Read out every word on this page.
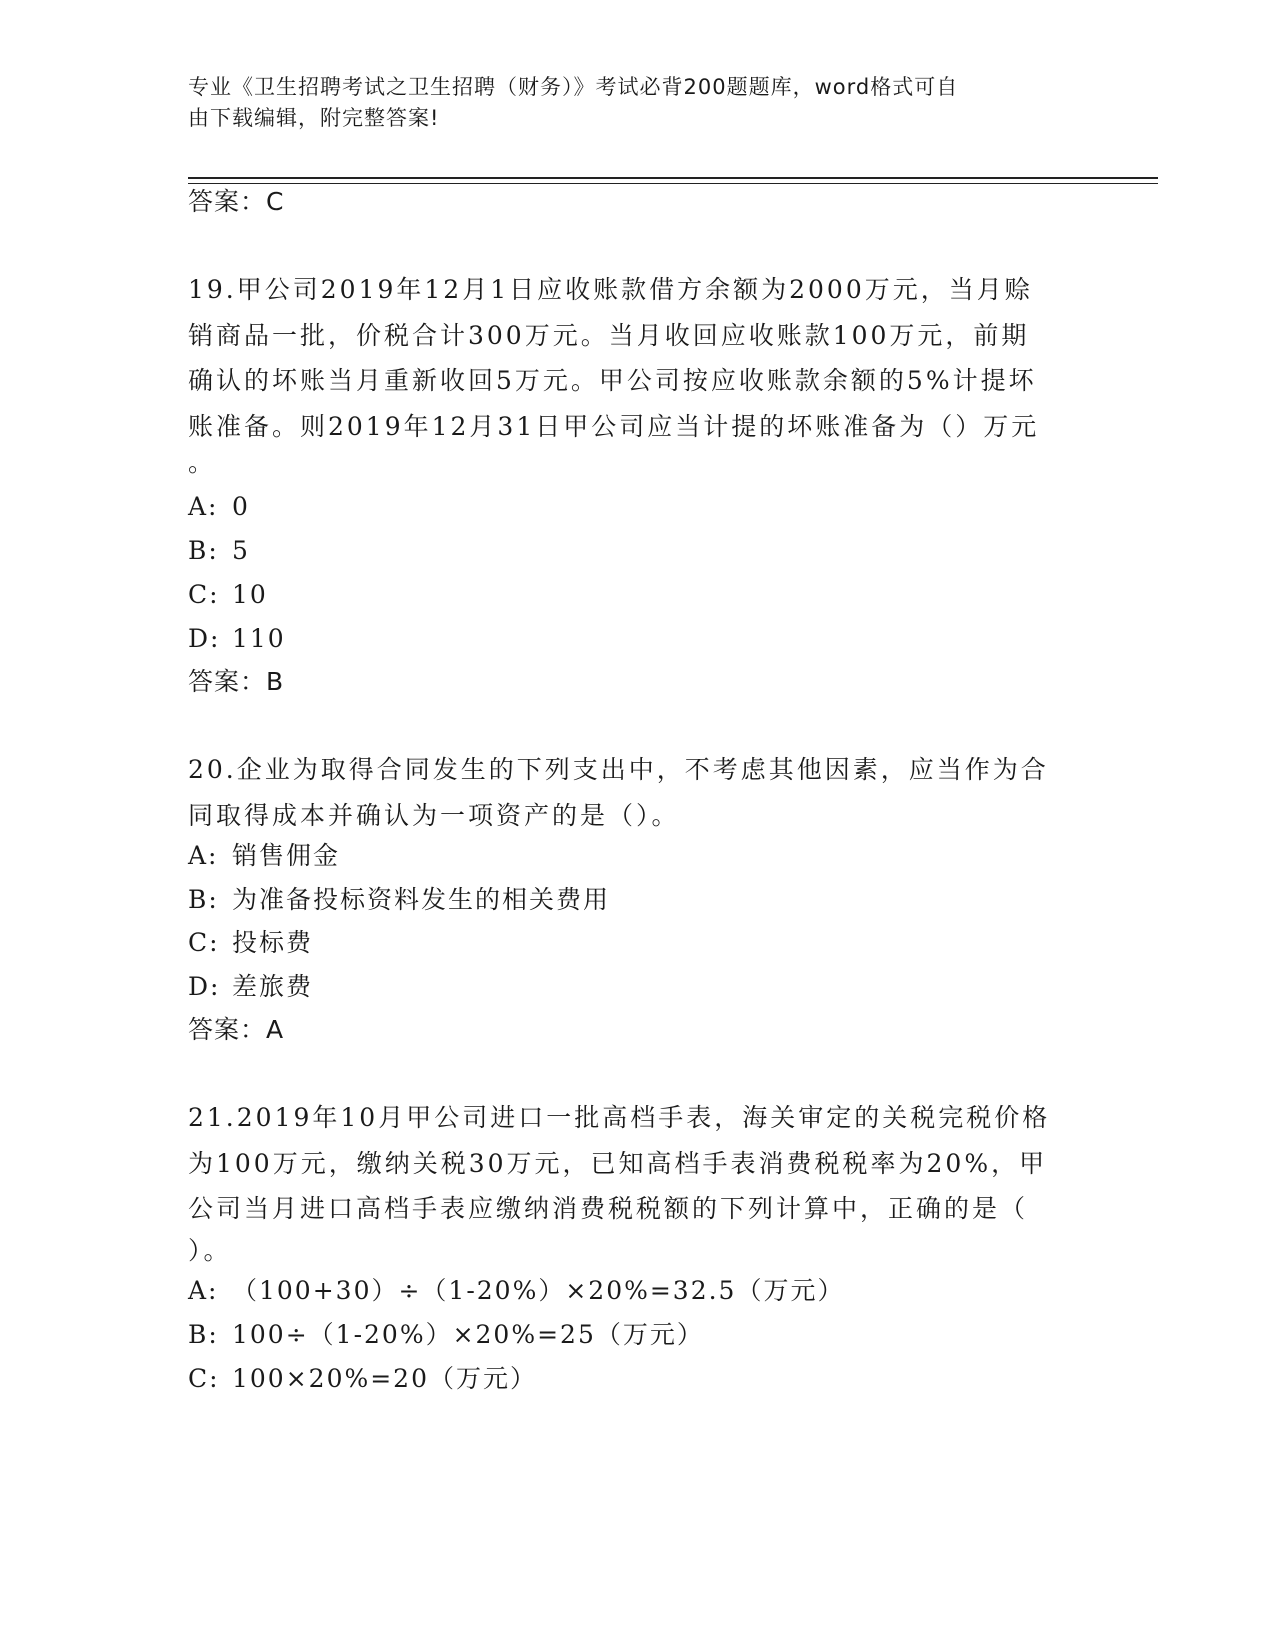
专业《卫生招聘考试之卫生招聘（财务）》考试必背200题题库，word格式可自
由下载编辑，附完整答案!
答案：C
19.甲公司2019年12月1日应收账款借方余额为2000万元，当月赊
销商品一批，价税合计300万元。当月收回应收账款100万元，前期
确认的坏账当月重新收回5万元。甲公司按应收账款余额的5%计提坏
账准备。则2019年12月31日甲公司应当计提的坏账准备为（）万元
。
A: 0
B: 5
C: 10
D: 110
答案：B
20.企业为取得合同发生的下列支出中，不考虑其他因素，应当作为合
同取得成本并确认为一项资产的是（）。
A: 销售佣金
B: 为准备投标资料发生的相关费用
C: 投标费
D: 差旅费
答案：A
21.2019年10月甲公司进口一批高档手表，海关审定的关税完税价格
为100万元，缴纳关税30万元，已知高档手表消费税税率为20%，甲
公司当月进口高档手表应缴纳消费税税额的下列计算中，正确的是（
）。
A: （100+30）÷（1-20%）×20%=32.5（万元）
B: 100÷（1-20%）×20%=25（万元）
C: 100×20%=20（万元）
